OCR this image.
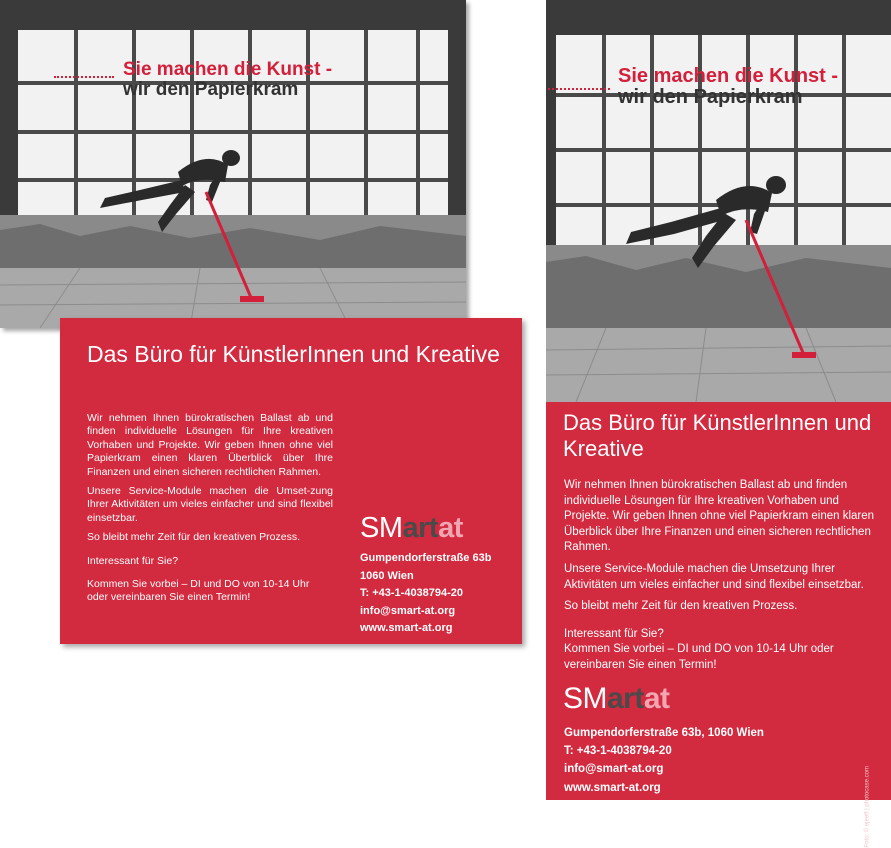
Sie machen die Kunst -
wir den Papierkram
Das Büro für KünstlerInnen und Kreative

Wir nehmen Ihnen bürokratischen Ballast ab und finden individuelle Lösungen für Ihre kreativen Vorhaben und Projekte. Wir geben Ihnen ohne viel Papierkram einen klaren Überblick über Ihre Finanzen und einen sicheren rechtlichen Rahmen.

Unsere Service-Module machen die Umset-zung Ihrer Aktivitäten um vieles einfacher und sind flexibel einsetzbar.

So bleibt mehr Zeit für den kreativen Prozess.

Interessant für Sie?

Kommen Sie vorbei – DI und DO von 10-14 Uhr oder vereinbaren Sie einen Termin!

SMartat
Gumpendorferstraße 63b
1060 Wien
T: +43-1-4038794-20
info@smart-at.org
www.smart-at.org
Sie machen die Kunst -
wir den Papierkram
Das Büro für KünstlerInnen und Kreative

Wir nehmen Ihnen bürokratischen Ballast ab und finden individuelle Lösungen für Ihre kreativen Vorhaben und Projekte. Wir geben Ihnen ohne viel Papierkram einen klaren Überblick über Ihre Finanzen und einen sicheren rechtlichen Rahmen.

Unsere Service-Module machen die Umsetzung Ihrer Aktivitäten um vieles einfacher und sind flexibel einsetzbar.

So bleibt mehr Zeit für den kreativen Prozess.

Interessant für Sie?

Kommen Sie vorbei – DI und DO von 10-14 Uhr oder vereinbaren Sie einen Termin!

SMartat
Gumpendorferstraße 63b, 1060 Wien
T: +43-1-4038794-20
info@smart-at.org
www.smart-at.org	Foto: © ejeeff | photocase.com
